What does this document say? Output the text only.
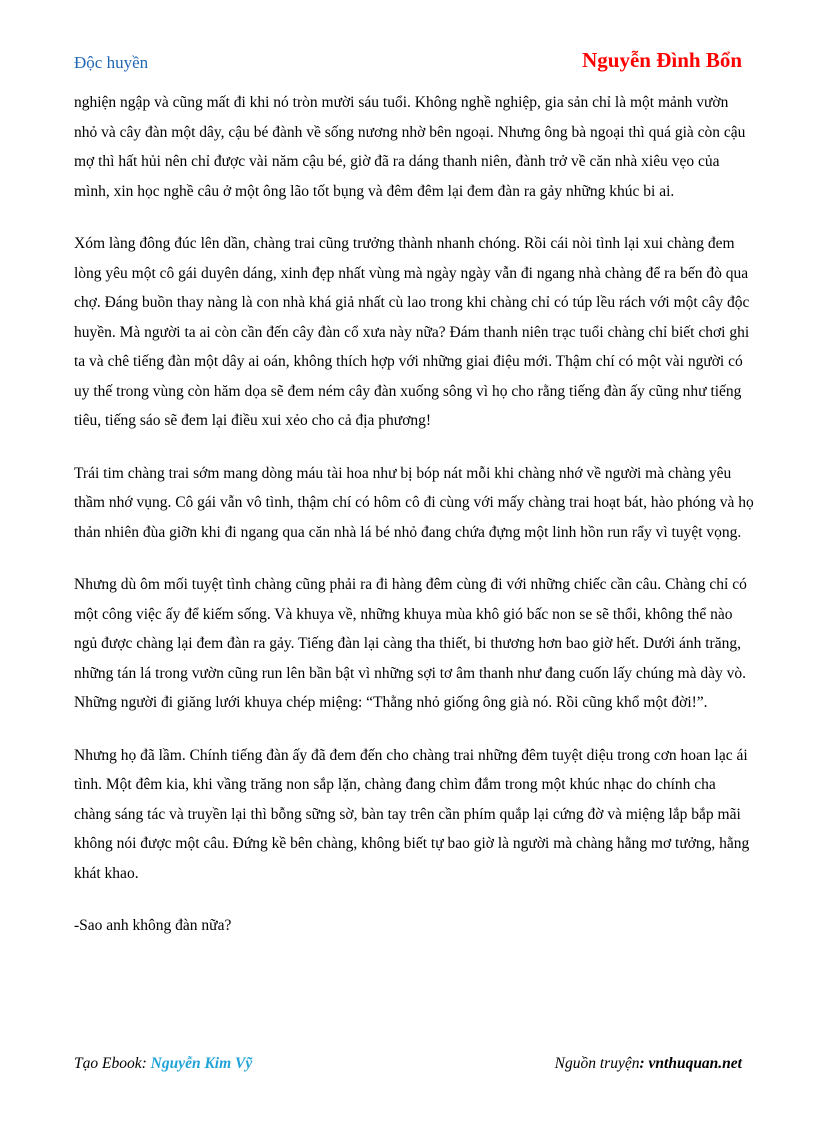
Độc huyền	Nguyễn Đình Bổn

nghiện ngập và cũng mất đi khi nó tròn mười sáu tuổi. Không nghề nghiệp, gia sản chỉ là một mảnh vườn nhỏ và cây đàn một dây, cậu bé đành về sống nương nhờ bên ngoại. Nhưng ông bà ngoại thì quá già còn cậu mợ thì hất hủi nên chỉ được vài năm cậu bé, giờ đã ra dáng thanh niên, đành trở về căn nhà xiêu vẹo của mình, xin học nghề câu ở một ông lão tốt bụng và đêm đêm lại đem đàn ra gảy những khúc bi ai.

Xóm làng đông đúc lên dần, chàng trai cũng trưởng thành nhanh chóng. Rồi cái nòi tình lại xui chàng đem lòng yêu một cô gái duyên dáng, xinh đẹp nhất vùng mà ngày ngày vẫn đi ngang nhà chàng để ra bến đò qua chợ. Đáng buồn thay nàng là con nhà khá giả nhất cù lao trong khi chàng chỉ có túp lều rách với một cây độc huyền. Mà người ta ai còn cần đến cây đàn cổ xưa này nữa? Đám thanh niên trạc tuổi chàng chỉ biết chơi ghi ta và chê tiếng đàn một dây ai oán, không thích hợp với những giai điệu mới. Thậm chí có một vài người có uy thế trong vùng còn hăm dọa sẽ đem ném cây đàn xuống sông vì họ cho rằng tiếng đàn ấy cũng như tiếng tiêu, tiếng sáo sẽ đem lại điều xui xẻo cho cả địa phương!

Trái tim chàng trai sớm mang dòng máu tài hoa như bị bóp nát mỗi khi chàng nhớ về người mà chàng yêu thầm nhớ vụng. Cô gái vẫn vô tình, thậm chí có hôm cô đi cùng với mấy chàng trai hoạt bát, hào phóng và họ thản nhiên đùa giỡn khi đi ngang qua căn nhà lá bé nhỏ đang chứa đựng một linh hồn run rẩy vì tuyệt vọng.

Nhưng dù ôm mối tuyệt tình chàng cũng phải ra đi hàng đêm cùng đi với những chiếc cần câu. Chàng chỉ có một công việc ấy để kiếm sống. Và khuya về, những khuya mùa khô gió bấc non se sẽ thổi, không thể nào ngủ được chàng lại đem đàn ra gảy. Tiếng đàn lại càng tha thiết, bi thương hơn bao giờ hết. Dưới ánh trăng, những tán lá trong vườn cũng run lên bần bật vì những sợi tơ âm thanh như đang cuốn lấy chúng mà dày vò. Những người đi giăng lưới khuya chép miệng: “Thằng nhỏ giống ông già nó. Rồi cũng khổ một đời!”.

Nhưng họ đã lầm. Chính tiếng đàn ấy đã đem đến cho chàng trai những đêm tuyệt diệu trong cơn hoan lạc ái tình. Một đêm kia, khi vầng trăng non sắp lặn, chàng đang chìm đắm trong một khúc nhạc do chính cha chàng sáng tác và truyền lại thì bỗng sững sờ, bàn tay trên cần phím quắp lại cứng đờ và miệng lắp bắp mãi không nói được một câu. Đứng kề bên chàng, không biết tự bao giờ là người mà chàng hằng mơ tưởng, hằng khát khao.

-Sao anh không đàn nữa?

Tạo Ebook: Nguyễn Kim Vỹ	Nguồn truyện: vnthuquan.net
